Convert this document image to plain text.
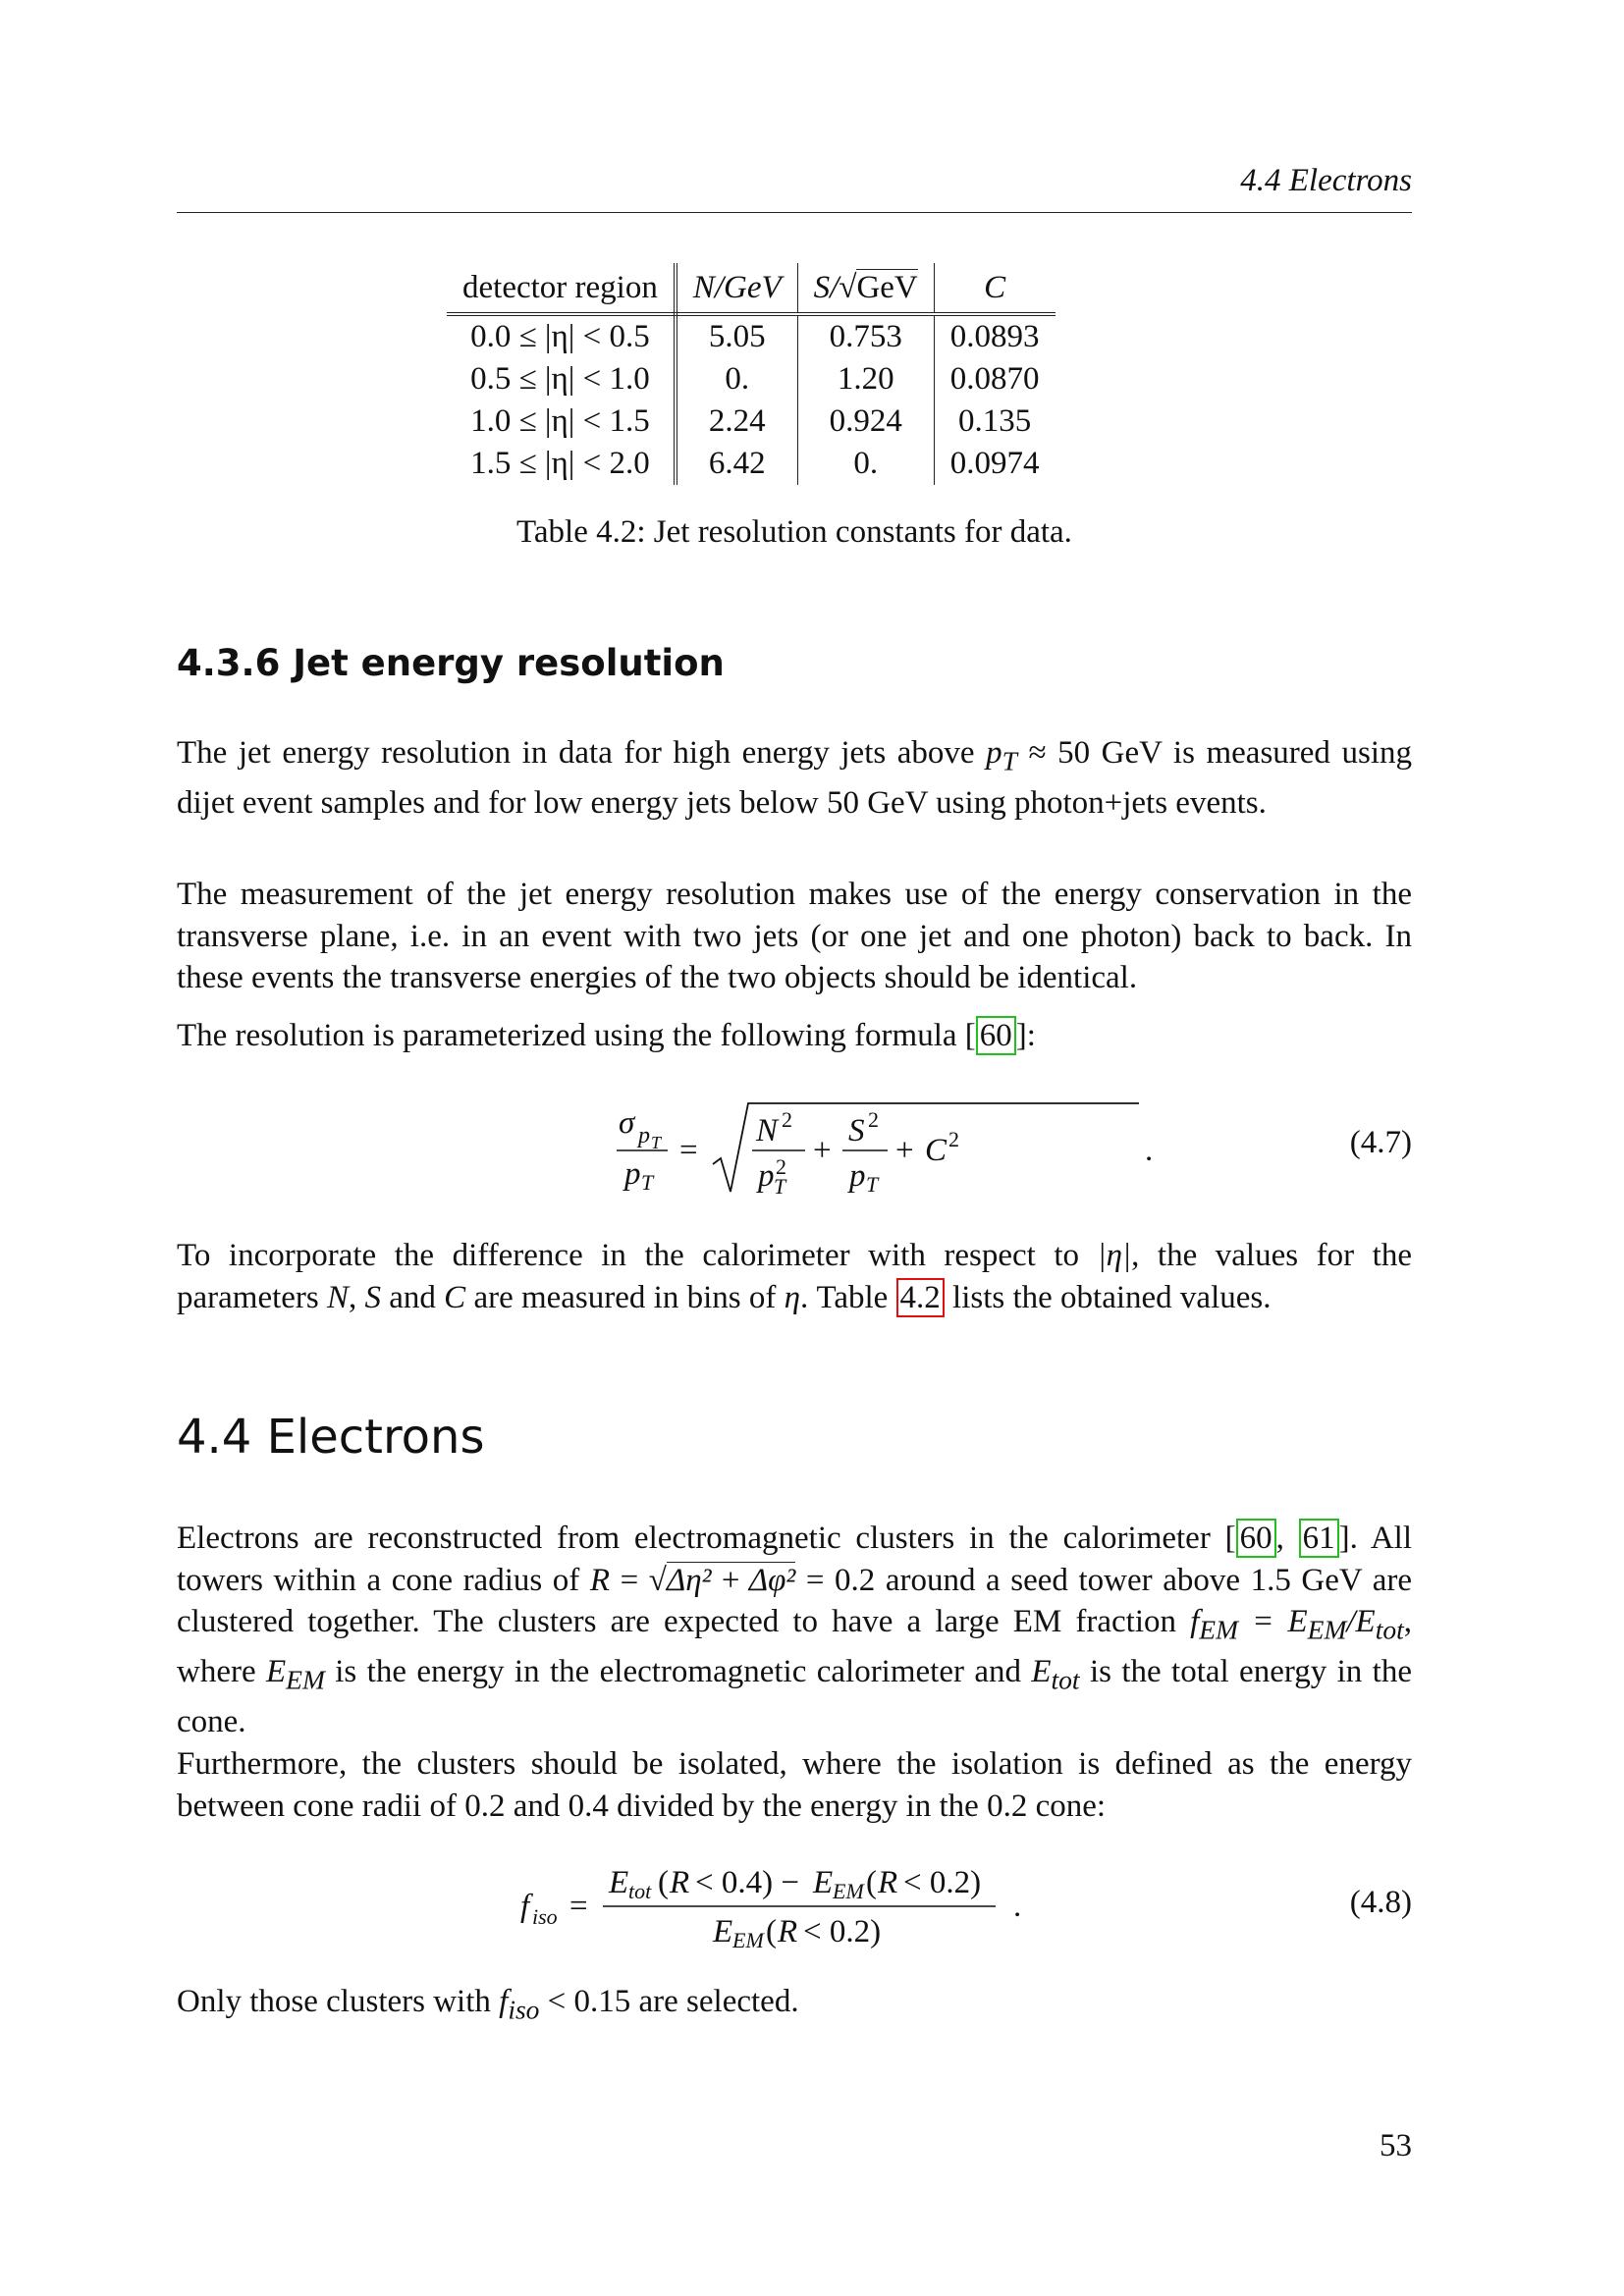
4.4 Electrons
detector region	N/GeV	S/√GeV	C
0.0 ≤ |η| < 0.5	5.05	0.753	0.0893
0.5 ≤ |η| < 1.0	0.	1.20	0.0870
1.0 ≤ |η| < 1.5	2.24	0.924	0.135
1.5 ≤ |η| < 2.0	6.42	0.	0.0974
Table 4.2: Jet resolution constants for data.
4.3.6 Jet energy resolution

The jet energy resolution in data for high energy jets above $p_T \approx 50$ GeV is measured using dijet event samples and for low energy jets below 50 GeV using photon+jets events.

The measurement of the jet energy resolution makes use of the energy conservation in the transverse plane, i.e. in an event with two jets (or one jet and one photon) back to back. In these events the transverse energies of the two objects should be identical.

The resolution is parameterized using the following formula [ 60 ]:

σ p T
p T
=
N 2
p 2
T
+
S 2
p T
+ C 2	.	(4.7)

To incorporate the difference in the calorimeter with respect to |η|, the values for the parameters N, S and C are measured in bins of η. Table 4.2 lists the obtained values.

4.4 Electrons

Electrons are reconstructed from electromagnetic clusters in the calorimeter [ 60 , 61 ]. All towers within a cone radius of R = √Δη² + Δφ² = 0.2 around a seed tower above 1.5 GeV are clustered together. The clusters are expected to have a large EM fraction $f_{EM} = E_{EM}/E_{tot}$, where $E_{EM}$ is the energy in the electromagnetic calorimeter and $E_{tot}$ is the total energy in the cone.

Furthermore, the clusters should be isolated, where the isolation is defined as the energy between cone radii of 0.2 and 0.4 divided by the energy in the 0.2 cone:

f iso =
E tot ( R < 0.4) − E EM ( R < 0.2)
E EM ( R < 0.2)
.	(4.8)

Only those clusters with $f_{iso} < 0.15$ are selected.

53
